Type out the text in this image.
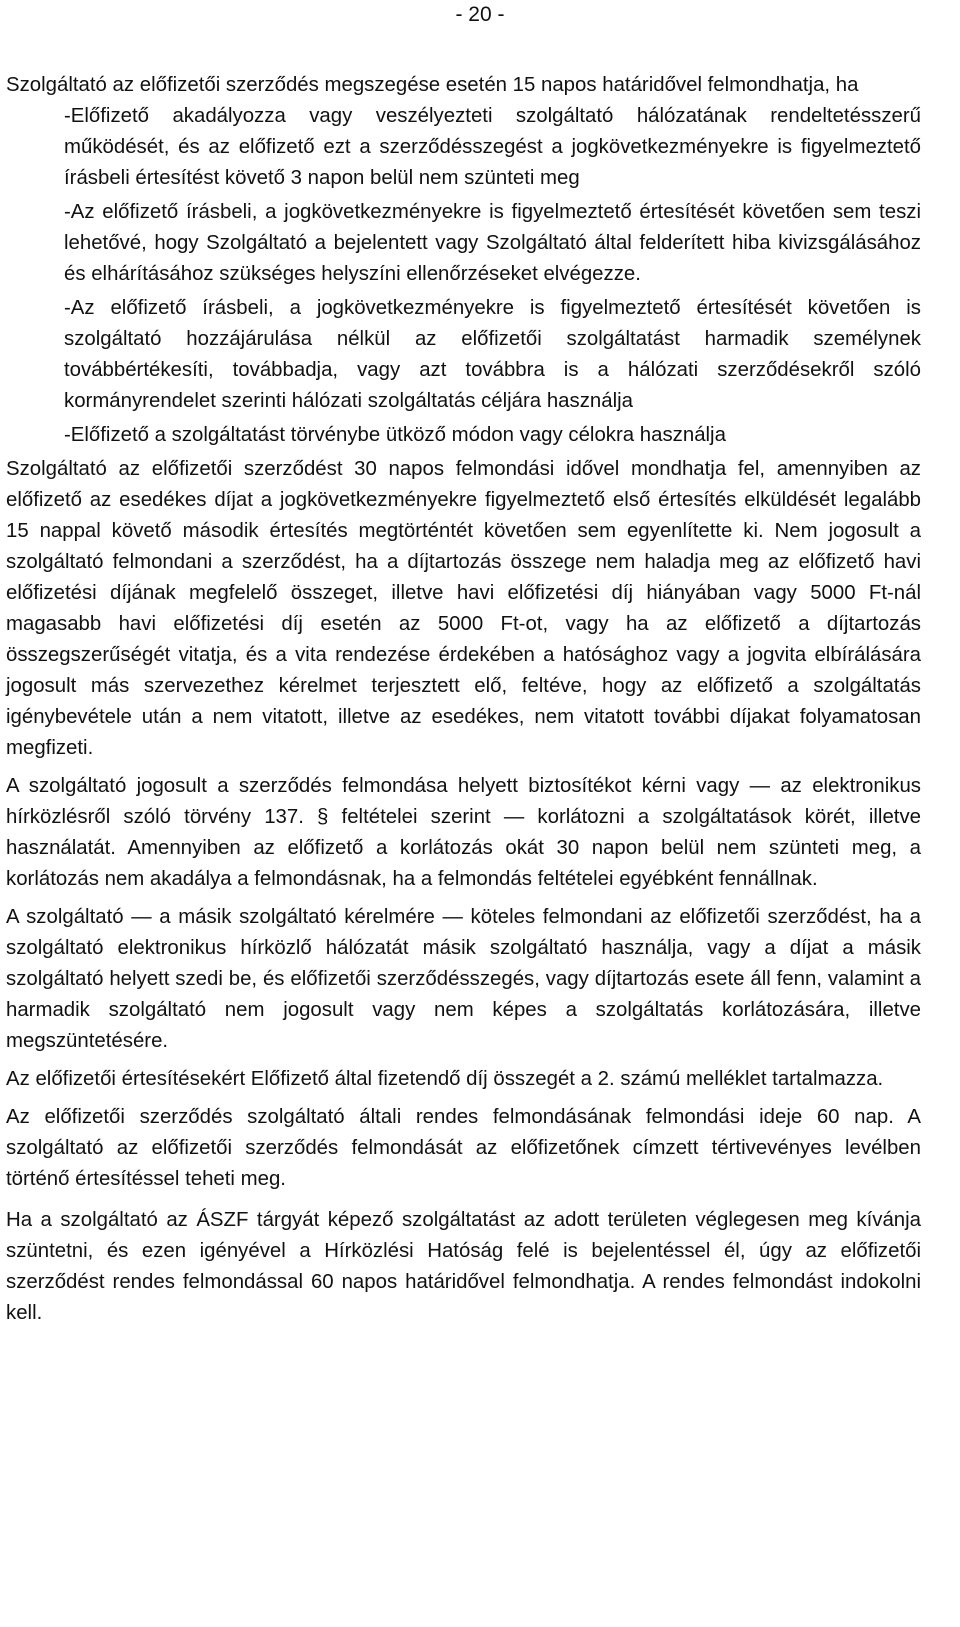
- 20 -

Szolgáltató az előfizetői szerződés megszegése esetén 15 napos határidővel felmondhatja, ha

-Előfizető akadályozza vagy veszélyezteti szolgáltató hálózatának rendeltetésszerű működését, és az előfizető ezt a szerződésszegést a jogkövetkezményekre is figyelmeztető írásbeli értesítést követő 3 napon belül nem szünteti meg
-Az előfizető írásbeli, a jogkövetkezményekre is figyelmeztető értesítését követően sem teszi lehetővé, hogy Szolgáltató a bejelentett vagy Szolgáltató által felderített hiba kivizsgálásához és elhárításához szükséges helyszíni ellenőrzéseket elvégezze.
-Az előfizető írásbeli, a jogkövetkezményekre is figyelmeztető értesítését követően is szolgáltató hozzájárulása nélkül az előfizetői szolgáltatást harmadik személynek továbbértékesíti, továbbadja, vagy azt továbbra is a hálózati szerződésekről szóló kormányrendelet szerinti hálózati szolgáltatás céljára használja
-Előfizető a szolgáltatást törvénybe ütköző módon vagy célokra használja

Szolgáltató az előfizetői szerződést 30 napos felmondási idővel mondhatja fel, amennyiben az előfizető az esedékes díjat a jogkövetkezményekre figyelmeztető első értesítés elküldését legalább 15 nappal követő második értesítés megtörténtét követően sem egyenlítette ki. Nem jogosult a szolgáltató felmondani a szerződést, ha a díjtartozás összege nem haladja meg az előfizető havi előfizetési díjának megfelelő összeget, illetve havi előfizetési díj hiányában vagy 5000 Ft-nál magasabb havi előfizetési díj esetén az 5000 Ft-ot, vagy ha az előfizető a díjtartozás összegszerűségét vitatja, és a vita rendezése érdekében a hatósághoz vagy a jogvita elbírálására jogosult más szervezethez kérelmet terjesztett elő, feltéve, hogy az előfizető a szolgáltatás igénybevétele után a nem vitatott, illetve az esedékes, nem vitatott további díjakat folyamatosan megfizeti.

A szolgáltató jogosult a szerződés felmondása helyett biztosítékot kérni vagy ― az elektronikus hírközlésről szóló törvény 137. § feltételei szerint ― korlátozni a szolgáltatások körét, illetve használatát. Amennyiben az előfizető a korlátozás okát 30 napon belül nem szünteti meg, a korlátozás nem akadálya a felmondásnak, ha a felmondás feltételei egyébként fennállnak.

A szolgáltató ― a másik szolgáltató kérelmére ― köteles felmondani az előfizetői szerződést, ha a szolgáltató elektronikus hírközlő hálózatát másik szolgáltató használja, vagy a díjat a másik szolgáltató helyett szedi be, és előfizetői szerződésszegés, vagy díjtartozás esete áll fenn, valamint a harmadik szolgáltató nem jogosult vagy nem képes a szolgáltatás korlátozására, illetve megszüntetésére.

Az előfizetői értesítésekért Előfizető által fizetendő díj összegét a 2. számú melléklet tartalmazza.

Az előfizetői szerződés szolgáltató általi rendes felmondásának felmondási ideje 60 nap. A szolgáltató az előfizetői szerződés felmondását az előfizetőnek címzett tértivevényes levélben történő értesítéssel teheti meg.

Ha a szolgáltató az ÁSZF tárgyát képező szolgáltatást az adott területen véglegesen meg kívánja szüntetni, és ezen igényével a Hírközlési Hatóság felé is bejelentéssel él, úgy az előfizetői szerződést rendes felmondással 60 napos határidővel felmondhatja. A rendes felmondást indokolni kell.
